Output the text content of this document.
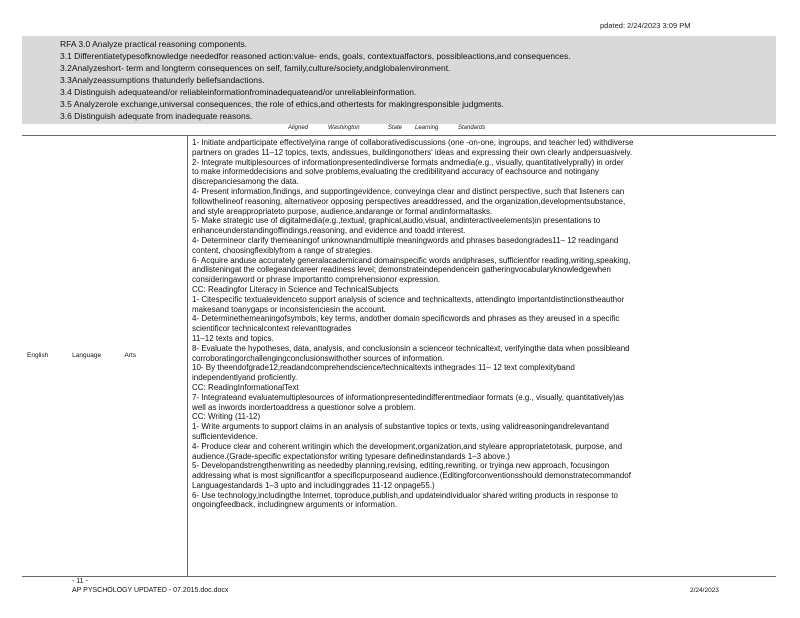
pdated: 2/24/2023 3:09 PM
RFA 3.0 Analyze practical reasoning components.
3.1 Differentiatetypesofknowledge neededfor reasoned action:value- ends, goals, contextualfactors, possibleactions,and consequences.
3.2Analyzeshort- term and longterm consequences on self, family,culture/society,andglobalenvironment.
3.3Analyzeassumptions thatunderly beliefsandactions.
3.4 Distinguish adequateand/or reliableinformationfrominadequateand/or unreliableinformation.
3.5 Analyzerole exchange,universal consequences, the role of ethics,and othertests for makingresponsible judgments.
3.6 Distinguish adequate from inadequate reasons.
Aligned	Washington	State Learning	Standards
English	Language	Arts
1- Initiate andparticipate effectivelyina range of collaborativediscussions (one -on-one, ingroups, and teacher led) withdiverse
partners on grades 11–12 topics, texts, andissues, buildingonothers' ideas and expressing their own clearly andpersuasively.
2- Integrate multiplesources of informationpresentedindiverse formats andmedia(e.g., visually, quantitativelyprally) in order
to make informeddecisions and solve problems,evaluating the credibilityand accuracy of eachsource and notingany
discrepanciesamong the data.
4- Present information,findings, and supportingevidence, conveyinga clear and distinct perspective, such that listeners can
followthelineof reasoning, alternativeor opposing perspectives areaddressed, and the organization,developmentsubstance,
and style areappropriateto purpose, audience,andarange or formal andinformaltasks.
5- Make strategic use of digitalmedia(e.g.,textual, graphical,audio,visual, andinteractiveelements)in presentations to
enhanceunderstandingoffindings,reasoning, and evidence and toadd interest.
4- Determineor clarify themeaningof unknownandmultiple meaningwords and phrases basedongrades11– 12 readingand
content, choosingflexiblyfrom a range of strategies.
6- Acquire anduse accurately generalacademicand domainspecific words andphrases, sufficientfor reading,writing,speaking,
andlisteningat the collegeandcareer readiness level; demonstrateindependencein gatheringvocabularyknowledgewhen
consideringaword or phrase importantto comprehensionor expression.
CC: Readingfor Literacy in Science and TechnicalSubjects
1- Citespecific textualevidenceto support analysis of science and technicaltexts, attendingto importantdistinctionstheauthor
makesand toanygaps or inconsistenciesin the account.
4- Determinethemeaningofsymbols, key terms, andother domain specificwords and phrases as they areused in a specific
scientificor technicalcontext relevanttogrades
11–12 texts and topics.
8- Evaluate the hypotheses, data, analysis, and conclusionsin a scienceor technicaltext, verifyingthe data when possibleand
corroboratingorchallengingconclusionswithother sources of information.
10- By theendofgrade12,readandcomprehendscience/technicaltexts inthegrades 11– 12 text complexityband
independentlyand proficiently.
CC: ReadingInformationalText
7- Integrateand evaluatemultiplesources of informationpresentedindifferentmediaor formats (e.g., visually, quantitatively)as
well as inwords inordertoaddress a questionor solve a problem.
CC: Writing (11-12)
1- Write arguments to support claims in an analysis of substantive topics or texts, using validreasoningandrelevantand
sufficientevidence.
4- Produce clear and coherent writingin which the development,organization,and styleare appropriatetotask, purpose, and
audience.(Grade-specific expectationsfor writing typesare definedinstandards 1–3 above.)
5- Developandstrengthenwriting as neededby planning,revising, editing,rewriting, or tryinga new approach, focusingon
addressing what is most significantfor a specificpurposeand audience.(Editingforconventionsshould demonstratecommandof
Languagestandards 1–3 upto and includinggrades 11-12 onpage55.)
6- Use technology,includingthe Internet, toproduce,publish,and updateindividualor shared writing products in response to
ongoingfeedback, includingnew arguments or information.
- 11 -
AP PYSCHOLOGY UPDATED - 07.2015.doc.docx	2/24/2023
